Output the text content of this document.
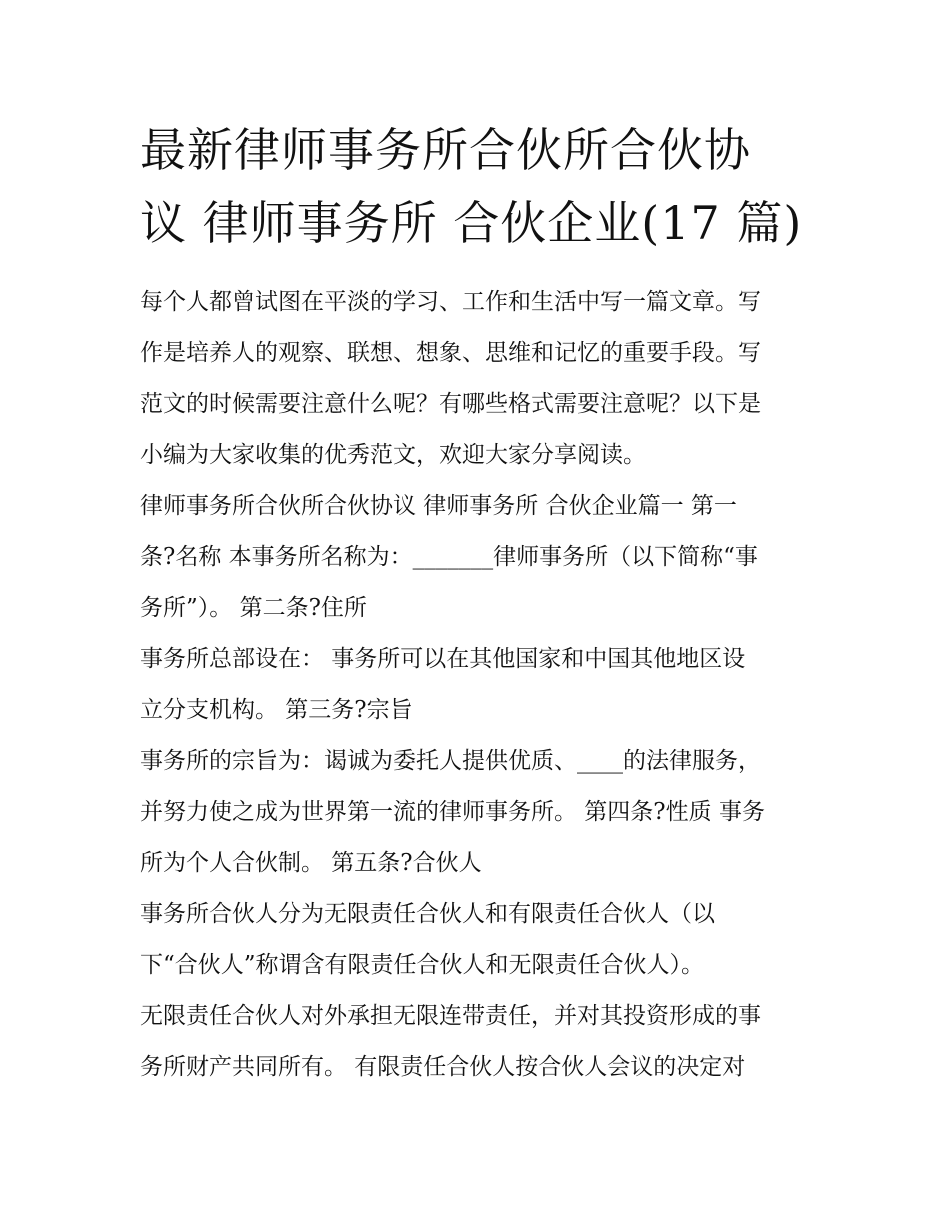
最新律师事务所合伙所合伙协
议 律师事务所 合伙企业(17 篇)

每个人都曾试图在平淡的学习、工作和生活中写一篇文章。写
作是培养人的观察、联想、想象、思维和记忆的重要手段。写
范文的时候需要注意什么呢？有哪些格式需要注意呢？以下是
小编为大家收集的优秀范文，欢迎大家分享阅读。

律师事务所合伙所合伙协议 律师事务所 合伙企业篇一 第一
条?名称 本事务所名称为：_______律师事务所（以下简称“事
务所”）。 第二条?住所

事务所总部设在： 事务所可以在其他国家和中国其他地区设
立分支机构。 第三务?宗旨

事务所的宗旨为：谒诚为委托人提供优质、____的法律服务，
并努力使之成为世界第一流的律师事务所。 第四条?性质 事务
所为个人合伙制。 第五条?合伙人

事务所合伙人分为无限责任合伙人和有限责任合伙人（以
下“合伙人”称谓含有限责任合伙人和无限责任合伙人）。

无限责任合伙人对外承担无限连带责任，并对其投资形成的事
务所财产共同所有。 有限责任合伙人按合伙人会议的决定对
